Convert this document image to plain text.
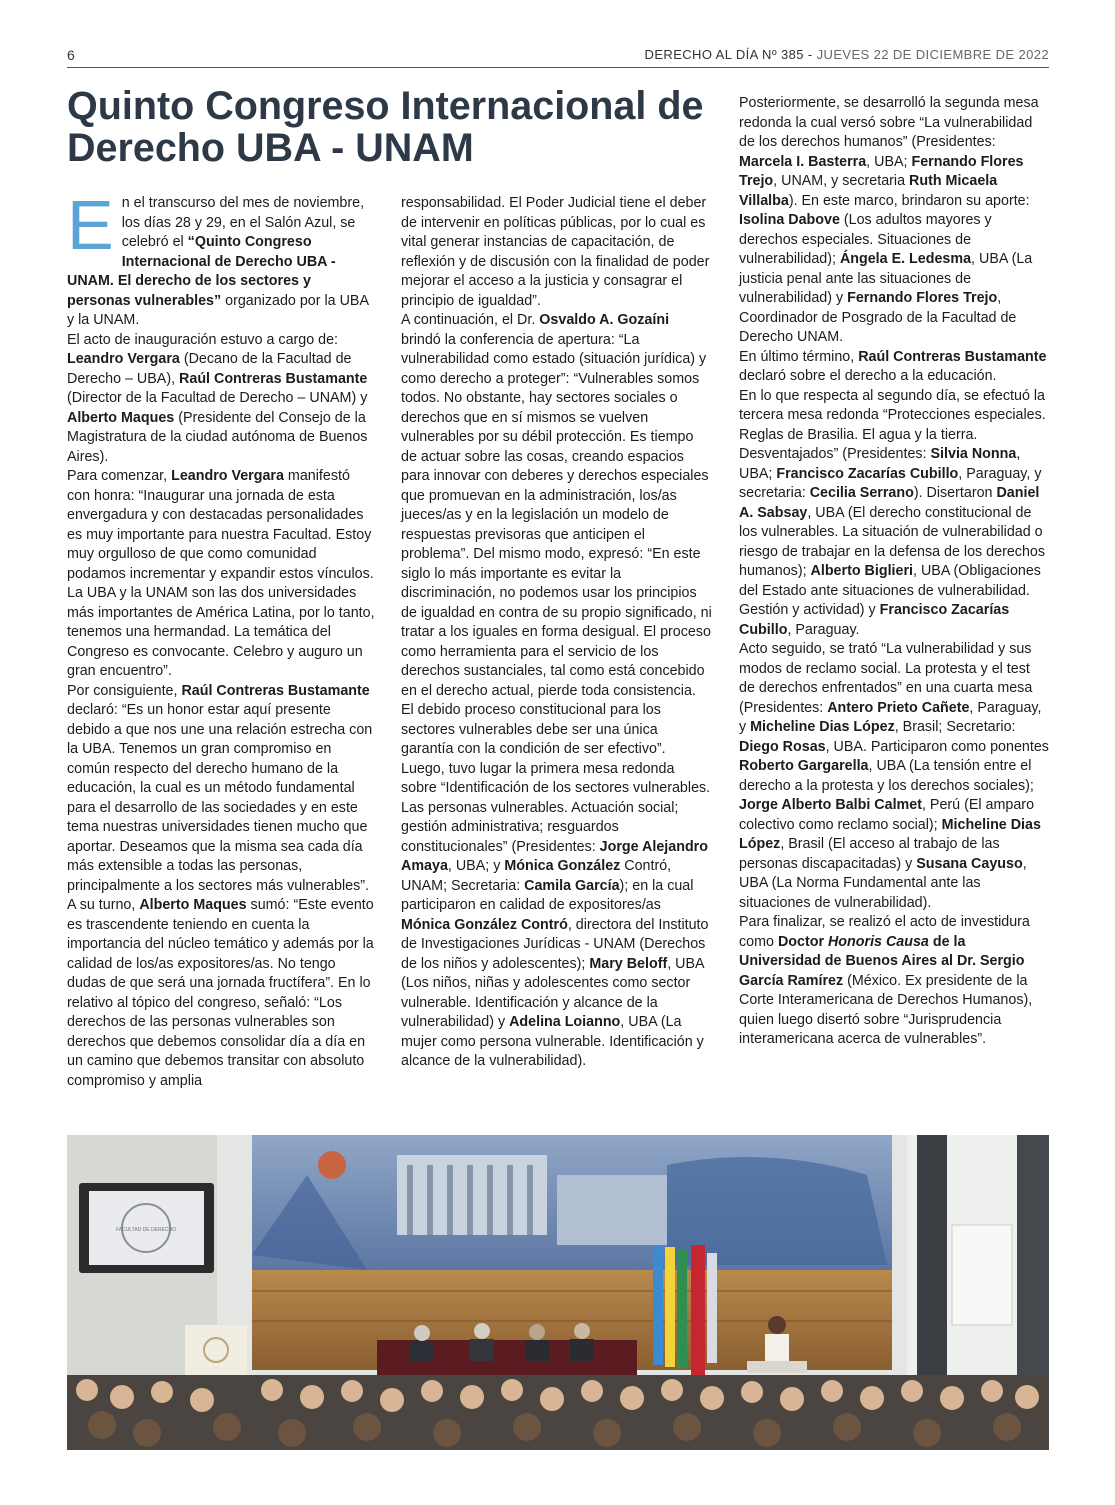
6	DERECHO AL DÍA Nº 385 - JUEVES 22 DE DICIEMBRE DE 2022
Quinto Congreso Internacional de Derecho UBA - UNAM

En el transcurso del mes de noviembre, los días 28 y 29, en el Salón Azul, se celebró el “Quinto Congreso Internacional de Derecho UBA - UNAM. El derecho de los sectores y personas vulnerables” organizado por la UBA y la UNAM.

El acto de inauguración estuvo a cargo de: Leandro Vergara (Decano de la Facultad de Derecho – UBA), Raúl Contreras Bustamante (Director de la Facultad de Derecho – UNAM) y Alberto Maques (Presidente del Consejo de la Magistratura de la ciudad autónoma de Buenos Aires).

Para comenzar, Leandro Vergara manifestó con honra: “Inaugurar una jornada de esta envergadura y con destacadas personalidades es muy importante para nuestra Facultad. Estoy muy orgulloso de que como comunidad podamos incrementar y expandir estos vínculos. La UBA y la UNAM son las dos universidades más importantes de América Latina, por lo tanto, tenemos una hermandad. La temática del Congreso es convocante. Celebro y auguro un gran encuentro”.

Por consiguiente, Raúl Contreras Bustamante declaró: “Es un honor estar aquí presente debido a que nos une una relación estrecha con la UBA. Tenemos un gran compromiso en común respecto del derecho humano de la educación, la cual es un método fundamental para el desarrollo de las sociedades y en este tema nuestras universidades tienen mucho que aportar. Deseamos que la misma sea cada día más extensible a todas las personas, principalmente a los sectores más vulnerables”.

A su turno, Alberto Maques sumó: “Este evento es trascendente teniendo en cuenta la importancia del núcleo temático y además por la calidad de los/as expositores/as. No tengo dudas de que será una jornada fructífera”. En lo relativo al tópico del congreso, señaló: “Los derechos de las personas vulnerables son derechos que debemos consolidar día a día en un camino que debemos transitar con absoluto compromiso y amplia

responsabilidad. El Poder Judicial tiene el deber de intervenir en políticas públicas, por lo cual es vital generar instancias de capacitación, de reflexión y de discusión con la finalidad de poder mejorar el acceso a la justicia y consagrar el principio de igualdad”.

A continuación, el Dr. Osvaldo A. Gozaíni brindó la conferencia de apertura: “La vulnerabilidad como estado (situación jurídica) y como derecho a proteger”: “Vulnerables somos todos. No obstante, hay sectores sociales o derechos que en sí mismos se vuelven vulnerables por su débil protección. Es tiempo de actuar sobre las cosas, creando espacios para innovar con deberes y derechos especiales que promuevan en la administración, los/as jueces/as y en la legislación un modelo de respuestas previsoras que anticipen el problema”. Del mismo modo, expresó: “En este siglo lo más importante es evitar la discriminación, no podemos usar los principios de igualdad en contra de su propio significado, ni tratar a los iguales en forma desigual. El proceso como herramienta para el servicio de los derechos sustanciales, tal como está concebido en el derecho actual, pierde toda consistencia. El debido proceso constitucional para los sectores vulnerables debe ser una única garantía con la condición de ser efectivo”.

Luego, tuvo lugar la primera mesa redonda sobre “Identificación de los sectores vulnerables. Las personas vulnerables. Actuación social; gestión administrativa; resguardos constitucionales” (Presidentes: Jorge Alejandro Amaya, UBA; y Mónica González Contró, UNAM; Secretaria: Camila García); en la cual participaron en calidad de expositores/as Mónica González Contró, directora del Instituto de Investigaciones Jurídicas - UNAM (Derechos de los niños y adolescentes); Mary Beloff, UBA (Los niños, niñas y adolescentes como sector vulnerable. Identificación y alcance de la vulnerabilidad) y Adelina Loianno, UBA (La mujer como persona vulnerable. Identificación y alcance de la vulnerabilidad).

Posteriormente, se desarrolló la segunda mesa redonda la cual versó sobre “La vulnerabilidad de los derechos humanos” (Presidentes: Marcela I. Basterra, UBA; Fernando Flores Trejo, UNAM, y secretaria Ruth Micaela Villalba). En este marco, brindaron su aporte: Isolina Dabove (Los adultos mayores y derechos especiales. Situaciones de vulnerabilidad); Ángela E. Ledesma, UBA (La justicia penal ante las situaciones de vulnerabilidad) y Fernando Flores Trejo, Coordinador de Posgrado de la Facultad de Derecho UNAM.

En último término, Raúl Contreras Bustamante declaró sobre el derecho a la educación.

En lo que respecta al segundo día, se efectuó la tercera mesa redonda “Protecciones especiales. Reglas de Brasilia. El agua y la tierra. Desventajados” (Presidentes: Silvia Nonna, UBA; Francisco Zacarías Cubillo, Paraguay, y secretaria: Cecilia Serrano). Disertaron Daniel A. Sabsay, UBA (El derecho constitucional de los vulnerables. La situación de vulnerabilidad o riesgo de trabajar en la defensa de los derechos humanos); Alberto Biglieri, UBA (Obligaciones del Estado ante situaciones de vulnerabilidad. Gestión y actividad) y Francisco Zacarías Cubillo, Paraguay.

Acto seguido, se trató “La vulnerabilidad y sus modos de reclamo social. La protesta y el test de derechos enfrentados” en una cuarta mesa (Presidentes: Antero Prieto Cañete, Paraguay, y Micheline Dias López, Brasil; Secretario: Diego Rosas, UBA. Participaron como ponentes Roberto Gargarella, UBA (La tensión entre el derecho a la protesta y los derechos sociales); Jorge Alberto Balbi Calmet, Perú (El amparo colectivo como reclamo social); Micheline Dias López, Brasil (El acceso al trabajo de las personas discapacitadas) y Susana Cayuso, UBA (La Norma Fundamental ante las situaciones de vulnerabilidad).

Para finalizar, se realizó el acto de investidura como Doctor Honoris Causa de la Universidad de Buenos Aires al Dr. Sergio García Ramírez (México. Ex presidente de la Corte Interamericana de Derechos Humanos), quien luego disertó sobre “Jurisprudencia interamericana acerca de vulnerables”.

FACULTAD DE DERECHO
